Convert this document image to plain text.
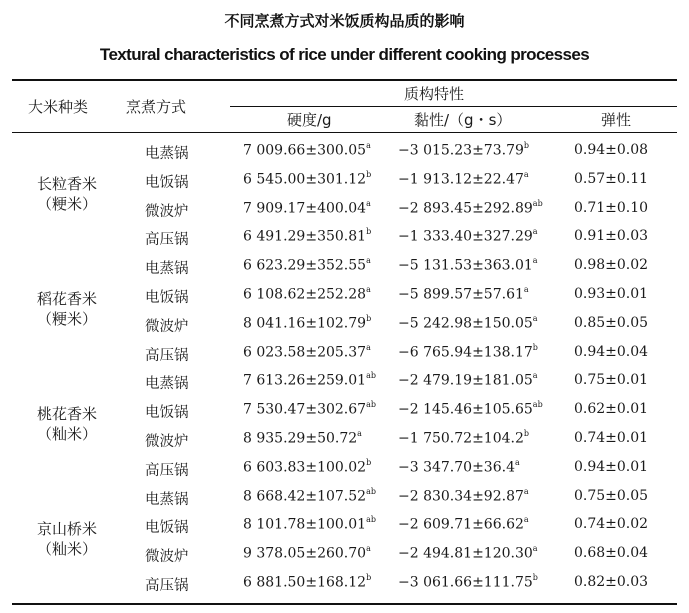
不同烹煮方式对米饭质构品质的影响
Textural characteristics of rice under different cooking processes
大米种类	烹煮方式
质构特性
硬度/g	黏性/（g・s）	弹性
长粒香米
（粳米）
电蒸锅	7 009.66±300.05$^a$	−3 015.23±73.79$^b$	0.94±0.08
电饭锅	6 545.00±301.12$^b$	−1 913.12±22.47$^a$	0.57±0.11
微波炉	7 909.17±400.04$^a$	−2 893.45±292.89$^{ab}$	0.71±0.10
高压锅	6 491.29±350.81$^b$	−1 333.40±327.29$^a$	0.91±0.03
稻花香米
（粳米）
电蒸锅	6 623.29±352.55$^a$	−5 131.53±363.01$^a$	0.98±0.02
电饭锅	6 108.62±252.28$^a$	−5 899.57±57.61$^a$	0.93±0.01
微波炉	8 041.16±102.79$^b$	−5 242.98±150.05$^a$	0.85±0.05
高压锅	6 023.58±205.37$^a$	−6 765.94±138.17$^b$	0.94±0.04
桃花香米
（籼米）
电蒸锅	7 613.26±259.01$^{ab}$	−2 479.19±181.05$^a$	0.75±0.01
电饭锅	7 530.47±302.67$^{ab}$	−2 145.46±105.65$^{ab}$	0.62±0.01
微波炉	8 935.29±50.72$^a$	−1 750.72±104.2$^b$	0.74±0.01
高压锅	6 603.83±100.02$^b$	−3 347.70±36.4$^a$	0.94±0.01
京山桥米
（籼米）
电蒸锅	8 668.42±107.52$^{ab}$	−2 830.34±92.87$^a$	0.75±0.05
电饭锅	8 101.78±100.01$^{ab}$	−2 609.71±66.62$^a$	0.74±0.02
微波炉	9 378.05±260.70$^a$	−2 494.81±120.30$^a$	0.68±0.04
高压锅	6 881.50±168.12$^b$	−3 061.66±111.75$^b$	0.82±0.03
